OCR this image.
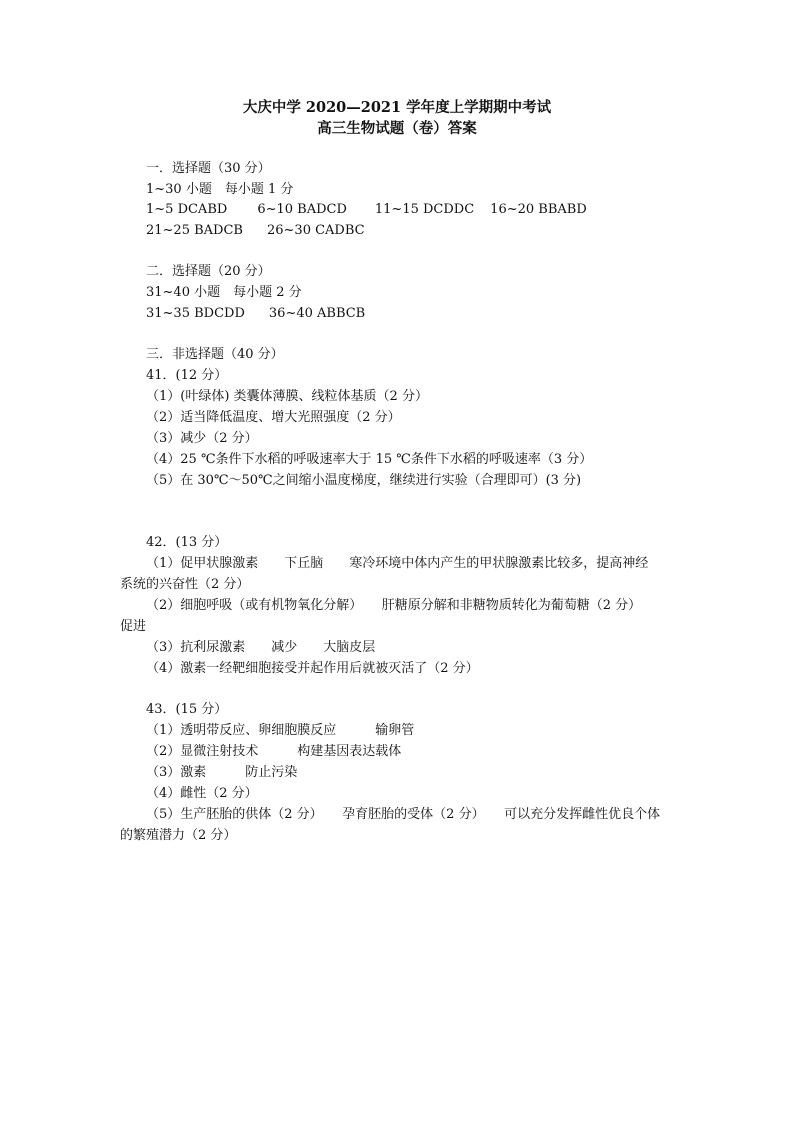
大庆中学 2020—2021 学年度上学期期中考试
高三生物试题（卷）答案
一．选择题（30 分）
1~30 小题　每小题 1 分
1~5 DCABD 6~10 BADCD 11~15 DCDDC 16~20 BBABD
21~25 BADCB 26~30 CADBC
二．选择题（20 分）
31~40 小题　每小题 2 分
31~35 BDCDD 36~40 ABBCB
三．非选择题（40 分）
41．(12 分）
（1）(叶绿体) 类囊体薄膜、线粒体基质（2 分）
（2）适当降低温度、增大光照强度（2 分）
（3）减少（2 分）
（4）25 ℃条件下水稻的呼吸速率大于 15 ℃条件下水稻的呼吸速率（3 分）
（5）在 30℃～50℃之间缩小温度梯度，继续进行实验（合理即可）(3 分)
42．(13 分）
（1）促甲状腺激素　　下丘脑　　寒冷环境中体内产生的甲状腺激素比较多，提高神经
系统的兴奋性（2 分）
（2）细胞呼吸（或有机物氧化分解）　　肝糖原分解和非糖物质转化为葡萄糖（2 分）
促进
（3）抗利尿激素　　减少　　大脑皮层
（4）激素一经靶细胞接受并起作用后就被灭活了（2 分）
43．(15 分）
（1）透明带反应、卵细胞膜反应　　　输卵管
（2）显微注射技术　　　构建基因表达载体
（3）激素　　　防止污染
（4）雌性（2 分）
（5）生产胚胎的供体（2 分）　　孕育胚胎的受体（2 分）　　可以充分发挥雌性优良个体
的繁殖潜力（2 分）
